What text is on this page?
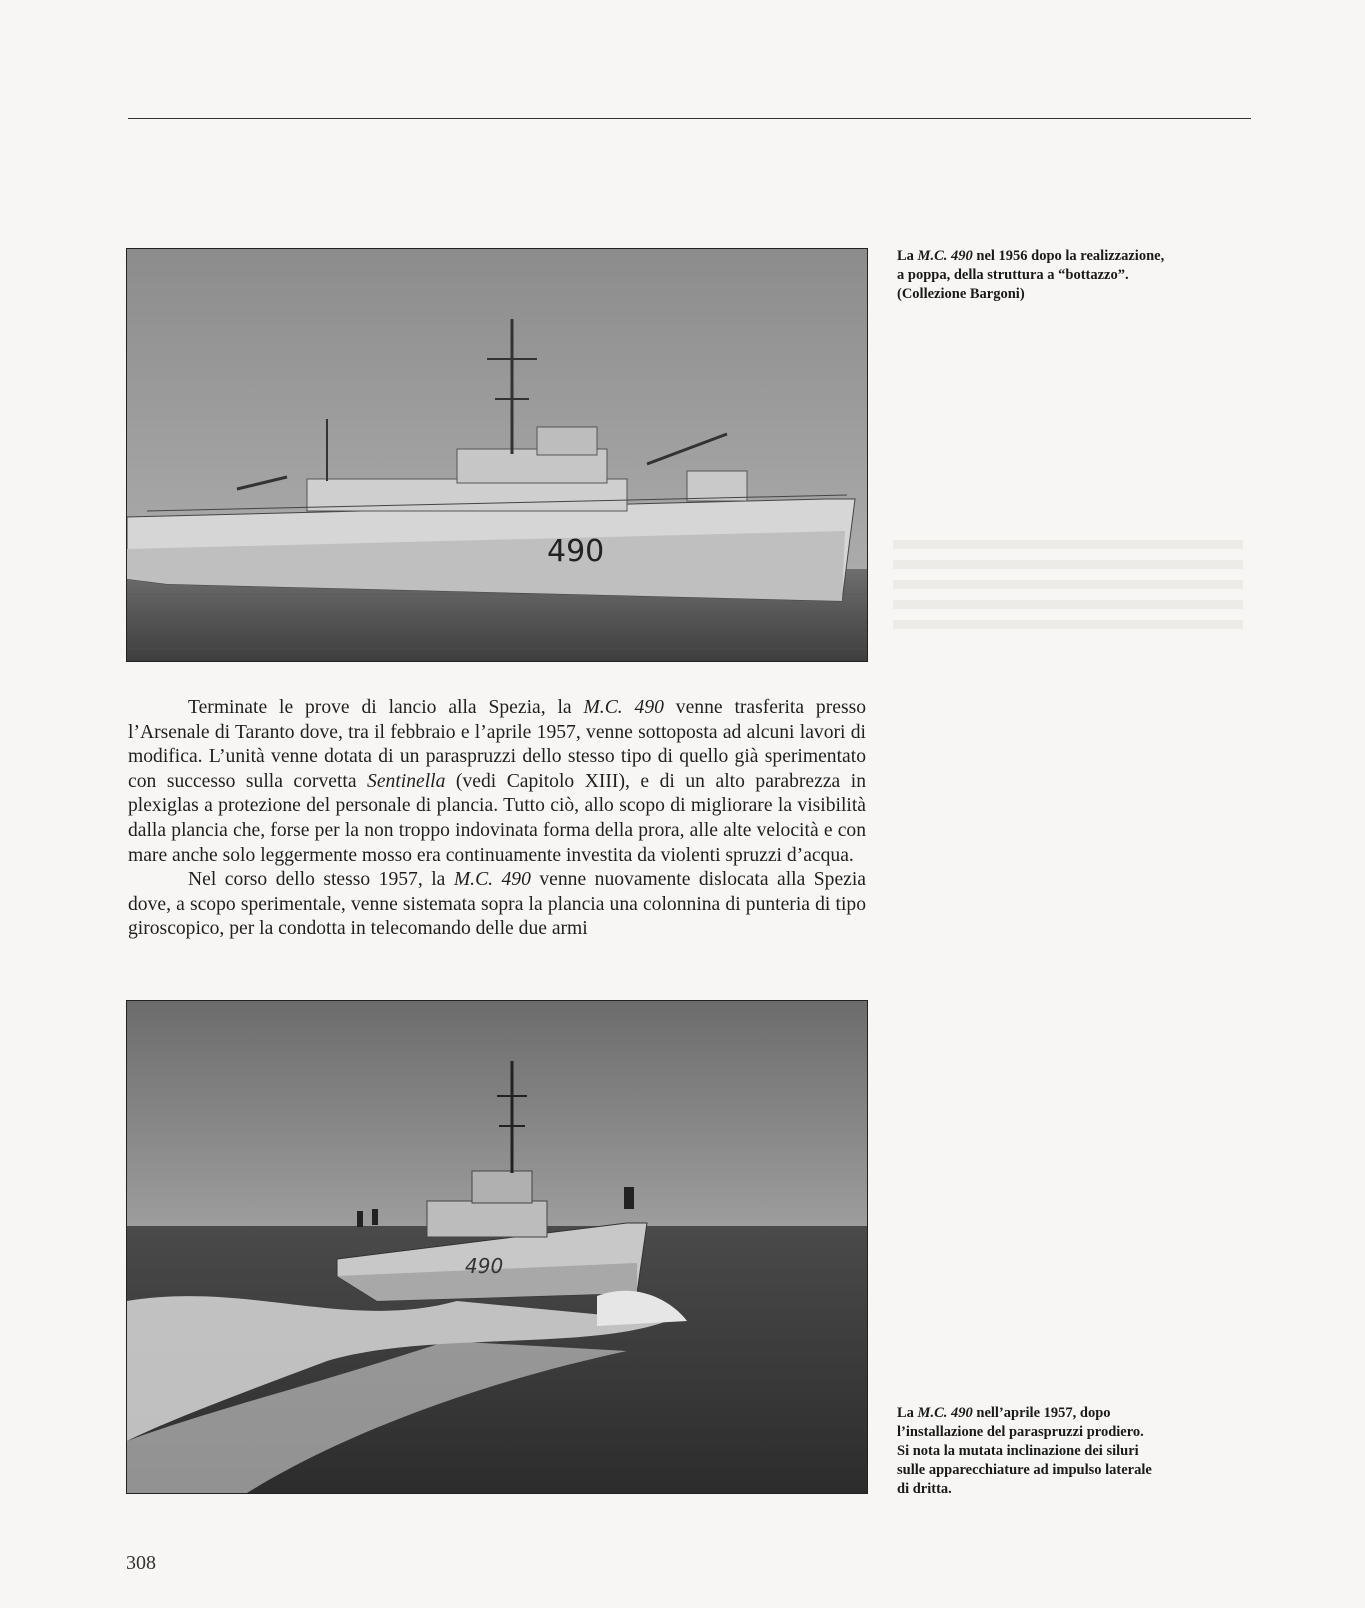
490
La M.C. 490 nel 1956 dopo la realizzazione,
a poppa, della struttura a “bottazzo”.
(Collezione Bargoni)

Terminate le prove di lancio alla Spezia, la M.C. 490 venne trasferita presso l’Arsenale di Taranto dove, tra il febbraio e l’aprile 1957, venne sottoposta ad alcuni lavori di modifica. L’unità venne dotata di un paraspruzzi dello stesso tipo di quello già sperimentato con successo sulla corvetta Sentinella (vedi Capitolo XIII), e di un alto parabrezza in plexiglas a protezione del personale di plancia. Tutto ciò, allo scopo di migliorare la visibilità dalla plancia che, forse per la non troppo indovinata forma della prora, alle alte velocità e con mare anche solo leggermente mosso era continuamente investita da violenti spruzzi d’acqua.

Nel corso dello stesso 1957, la M.C. 490 venne nuovamente dislocata alla Spezia dove, a scopo sperimentale, venne sistemata sopra la plancia una colonnina di punteria di tipo giroscopico, per la condotta in telecomando delle due armi

490
La M.C. 490 nell’aprile 1957, dopo
l’installazione del paraspruzzi prodiero.
Si nota la mutata inclinazione dei siluri
sulle apparecchiature ad impulso laterale
di dritta.
308
